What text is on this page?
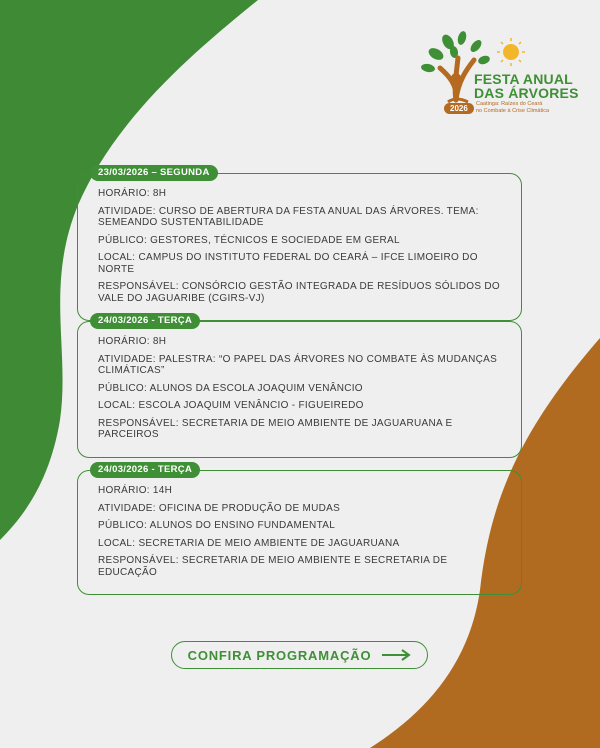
FESTA ANUAL
DAS ÁRVORES
2026	Caatinga: Raízes do Ceará
no Combate à Crise Climática
23/03/2026 – SEGUNDA

HORÁRIO: 8H

ATIVIDADE: CURSO DE ABERTURA DA FESTA ANUAL DAS ÁRVORES. TEMA: SEMEANDO SUSTENTABILIDADE

PÚBLICO: GESTORES, TÉCNICOS E SOCIEDADE EM GERAL

LOCAL: CAMPUS DO INSTITUTO FEDERAL DO CEARÁ – IFCE LIMOEIRO DO NORTE

RESPONSÁVEL: CONSÓRCIO GESTÃO INTEGRADA DE RESÍDUOS SÓLIDOS DO VALE DO JAGUARIBE (CGIRS-VJ)

24/03/2026 - TERÇA

HORÁRIO: 8H

ATIVIDADE: PALESTRA: “O PAPEL DAS ÁRVORES NO COMBATE ÀS MUDANÇAS CLIMÁTICAS”

PÚBLICO: ALUNOS DA ESCOLA JOAQUIM VENÂNCIO

LOCAL: ESCOLA JOAQUIM VENÂNCIO - FIGUEIREDO

RESPONSÁVEL: SECRETARIA DE MEIO AMBIENTE DE JAGUARUANA E PARCEIROS

24/03/2026 - TERÇA

HORÁRIO: 14H

ATIVIDADE: OFICINA DE PRODUÇÃO DE MUDAS

PÚBLICO: ALUNOS DO ENSINO FUNDAMENTAL

LOCAL: SECRETARIA DE MEIO AMBIENTE DE JAGUARUANA

RESPONSÁVEL: SECRETARIA DE MEIO AMBIENTE E SECRETARIA DE EDUCAÇÃO

CONFIRA PROGRAMAÇÃO
